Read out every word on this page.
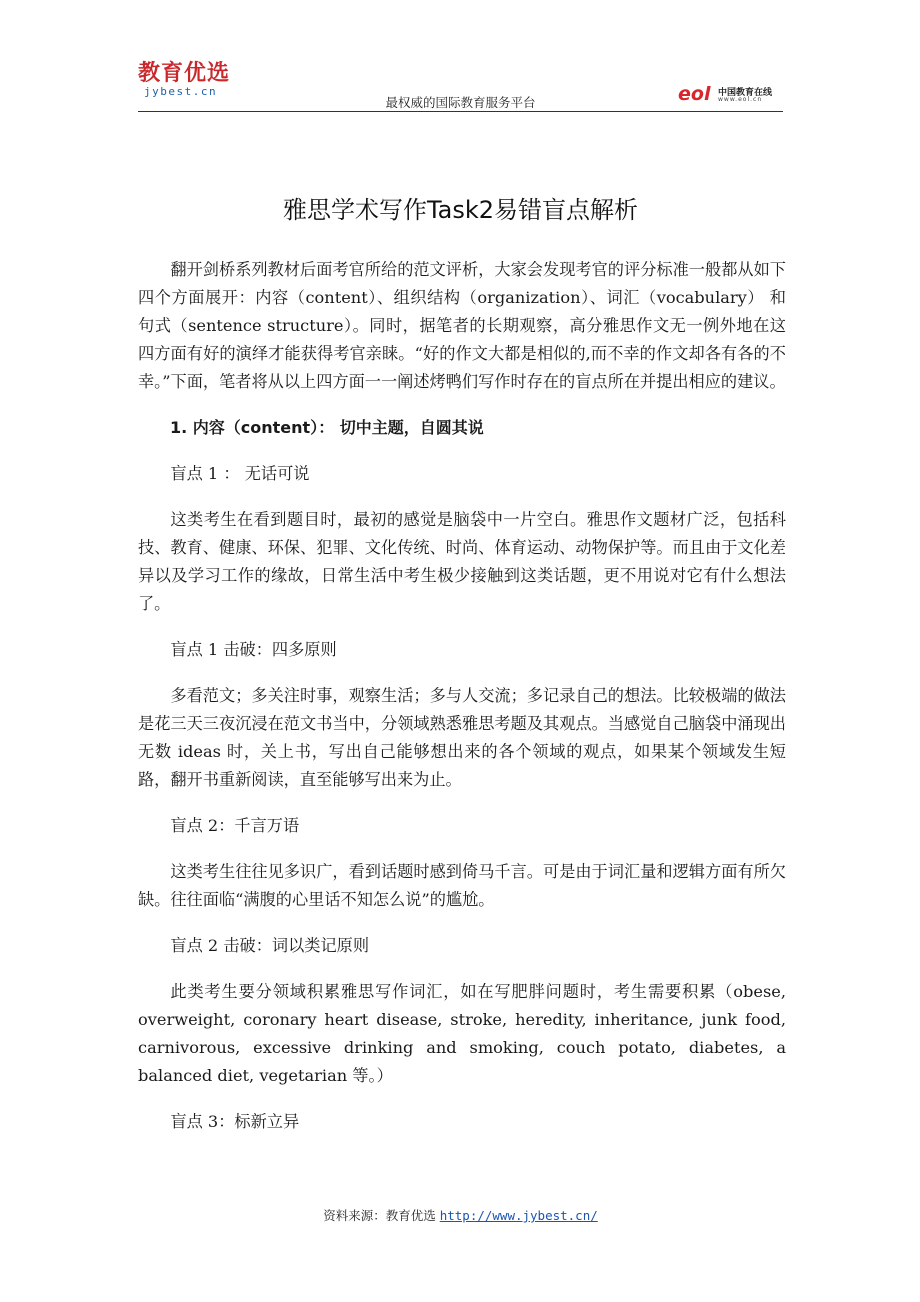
教育优选
jybest.cn
最权威的国际教育服务平台	eol 中国教育在线
www.eol.cn
雅思学术写作Task2易错盲点解析

翻开剑桥系列教材后面考官所给的范文评析，大家会发现考官的评分标准一般都从如下四个方面展开：内容（content）、组织结构（organization）、词汇（vocabulary） 和 句式（sentence structure）。同时，据笔者的长期观察，高分雅思作文无一例外地在这四方面有好的演绎才能获得考官亲睐。“好的作文大都是相似的,而不幸的作文却各有各的不幸。”下面，笔者将从以上四方面一一阐述烤鸭们写作时存在的盲点所在并提出相应的建议。

1. 内容（content）： 切中主题，自圆其说

盲点 1 ： 无话可说

这类考生在看到题目时，最初的感觉是脑袋中一片空白。雅思作文题材广泛，包括科技、教育、健康、环保、犯罪、文化传统、时尚、体育运动、动物保护等。而且由于文化差异以及学习工作的缘故，日常生活中考生极少接触到这类话题，更不用说对它有什么想法了。

盲点 1 击破：四多原则

多看范文；多关注时事，观察生活；多与人交流；多记录自己的想法。比较极端的做法是花三天三夜沉浸在范文书当中，分领域熟悉雅思考题及其观点。当感觉自己脑袋中涌现出无数 ideas 时，关上书，写出自己能够想出来的各个领域的观点，如果某个领域发生短路，翻开书重新阅读，直至能够写出来为止。

盲点 2：千言万语

这类考生往往见多识广，看到话题时感到倚马千言。可是由于词汇量和逻辑方面有所欠缺。往往面临“满腹的心里话不知怎么说”的尴尬。

盲点 2 击破：词以类记原则

此类考生要分领域积累雅思写作词汇，如在写肥胖问题时，考生需要积累（obese, overweight, coronary heart disease, stroke, heredity, inheritance, junk food, carnivorous, excessive drinking and smoking, couch potato, diabetes, a balanced diet, vegetarian 等。）

盲点 3：标新立异

资料来源：教育优选 http://www.jybest.cn/
